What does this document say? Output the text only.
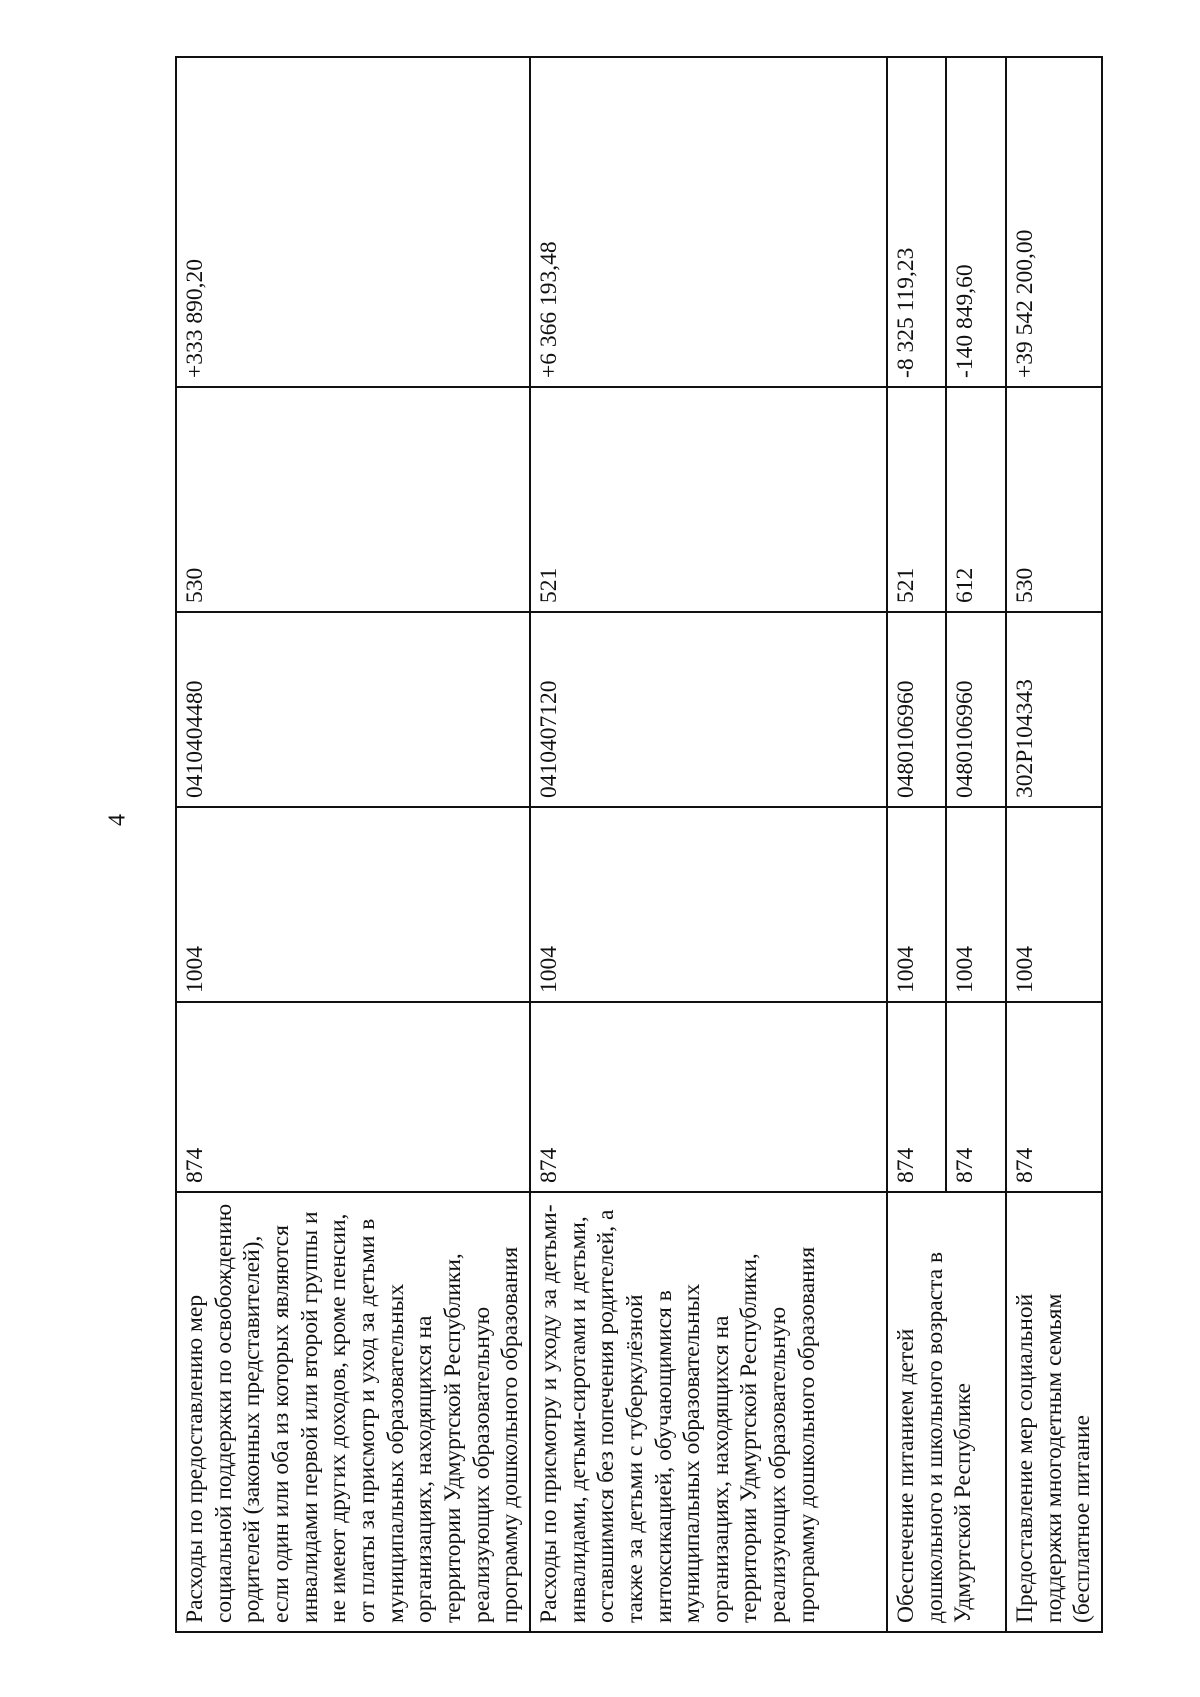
4
Расходы по предоставлению мер социальной поддержки по освобождению родителей (законных представителей), если один или оба из которых являются инвалидами первой или второй группы и не имеют других доходов, кроме пенсии, от платы за присмотр и уход за детьми в муниципальных образовательных организациях, находящихся на территории Удмуртской Республики, реализующих образовательную программу дошкольного образования	874	1004	0410404480	530	+333 890,20
Расходы по присмотру и уходу за детьми-инвалидами, детьми-сиротами и детьми, оставшимися без попечения родителей, а также за детьми с туберкулёзной интоксикацией, обучающимися в муниципальных образовательных организациях, находящихся на территории Удмуртской Республики, реализующих образовательную программу дошкольного образования	874	1004	0410407120	521	+6 366 193,48
Обеспечение питанием детей дошкольного и школьного возраста в Удмуртской Республике	874	1004	0480106960	521	-8 325 119,23
	874	1004	0480106960	612	-140 849,60
Предоставление мер социальной поддержки многодетным семьям (бесплатное питание	874	1004	302P104343	530	+39 542 200,00
